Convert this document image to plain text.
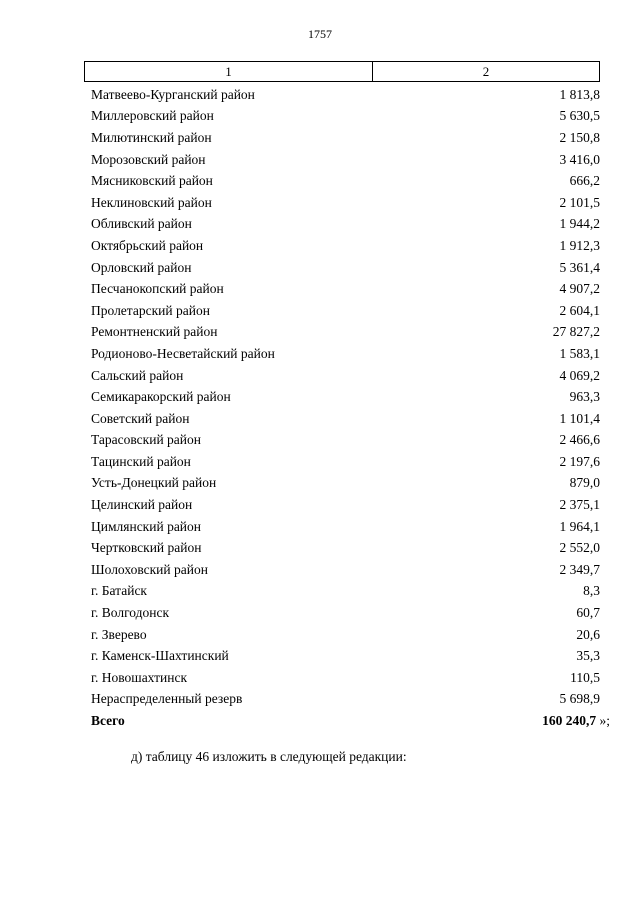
1757
1	2
Матвеево-Курганский район	1 813,8
Миллеровский район	5 630,5
Милютинский район	2 150,8
Морозовский район	3 416,0
Мясниковский район	666,2
Неклиновский район	2 101,5
Обливский район	1 944,2
Октябрьский район	1 912,3
Орловский район	5 361,4
Песчанокопский район	4 907,2
Пролетарский район	2 604,1
Ремонтненский район	27 827,2
Родионово-Несветайский район	1 583,1
Сальский район	4 069,2
Семикаракорский район	963,3
Советский район	1 101,4
Тарасовский район	2 466,6
Тацинский район	2 197,6
Усть-Донецкий район	879,0
Целинский район	2 375,1
Цимлянский район	1 964,1
Чертковский район	2 552,0
Шолоховский район	2 349,7
г. Батайск	8,3
г. Волгодонск	60,7
г. Зверево	20,6
г. Каменск-Шахтинский	35,3
г. Новошахтинск	110,5
Нераспределенный резерв	5 698,9
Всего	160 240,7 »;
д) таблицу 46 изложить в следующей редакции:
